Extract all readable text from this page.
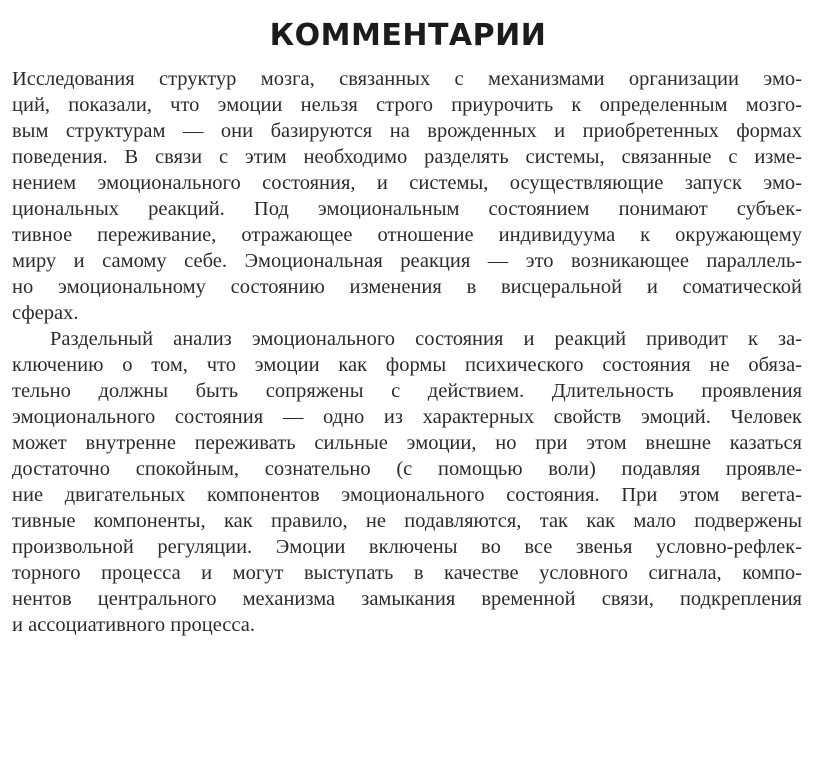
КОММЕНТАРИИ
Исследования структур мозга, связанных с механизмами организации эмо-
ций, показали, что эмоции нельзя строго приурочить к определенным мозго-
вым структурам — они базируются на врожденных и приобретенных формах
поведения. В связи с этим необходимо разделять системы, связанные с изме-
нением эмоционального состояния, и системы, осуществляющие запуск эмо-
циональных реакций. Под эмоциональным состоянием понимают субъек-
тивное переживание, отражающее отношение индивидуума к окружающему
миру и самому себе. Эмоциональная реакция — это возникающее параллель-
но эмоциональному состоянию изменения в висцеральной и соматической
сферах.
Раздельный анализ эмоционального состояния и реакций приводит к за-
ключению о том, что эмоции как формы психического состояния не обяза-
тельно должны быть сопряжены с действием. Длительность проявления
эмоционального состояния — одно из характерных свойств эмоций. Человек
может внутренне переживать сильные эмоции, но при этом внешне казаться
достаточно спокойным, сознательно (с помощью воли) подавляя проявле-
ние двигательных компонентов эмоционального состояния. При этом вегета-
тивные компоненты, как правило, не подавляются, так как мало подвержены
произвольной регуляции. Эмоции включены во все звенья условно-рефлек-
торного процесса и могут выступать в качестве условного сигнала, компо-
нентов центрального механизма замыкания временной связи, подкрепления
и ассоциативного процесса.
